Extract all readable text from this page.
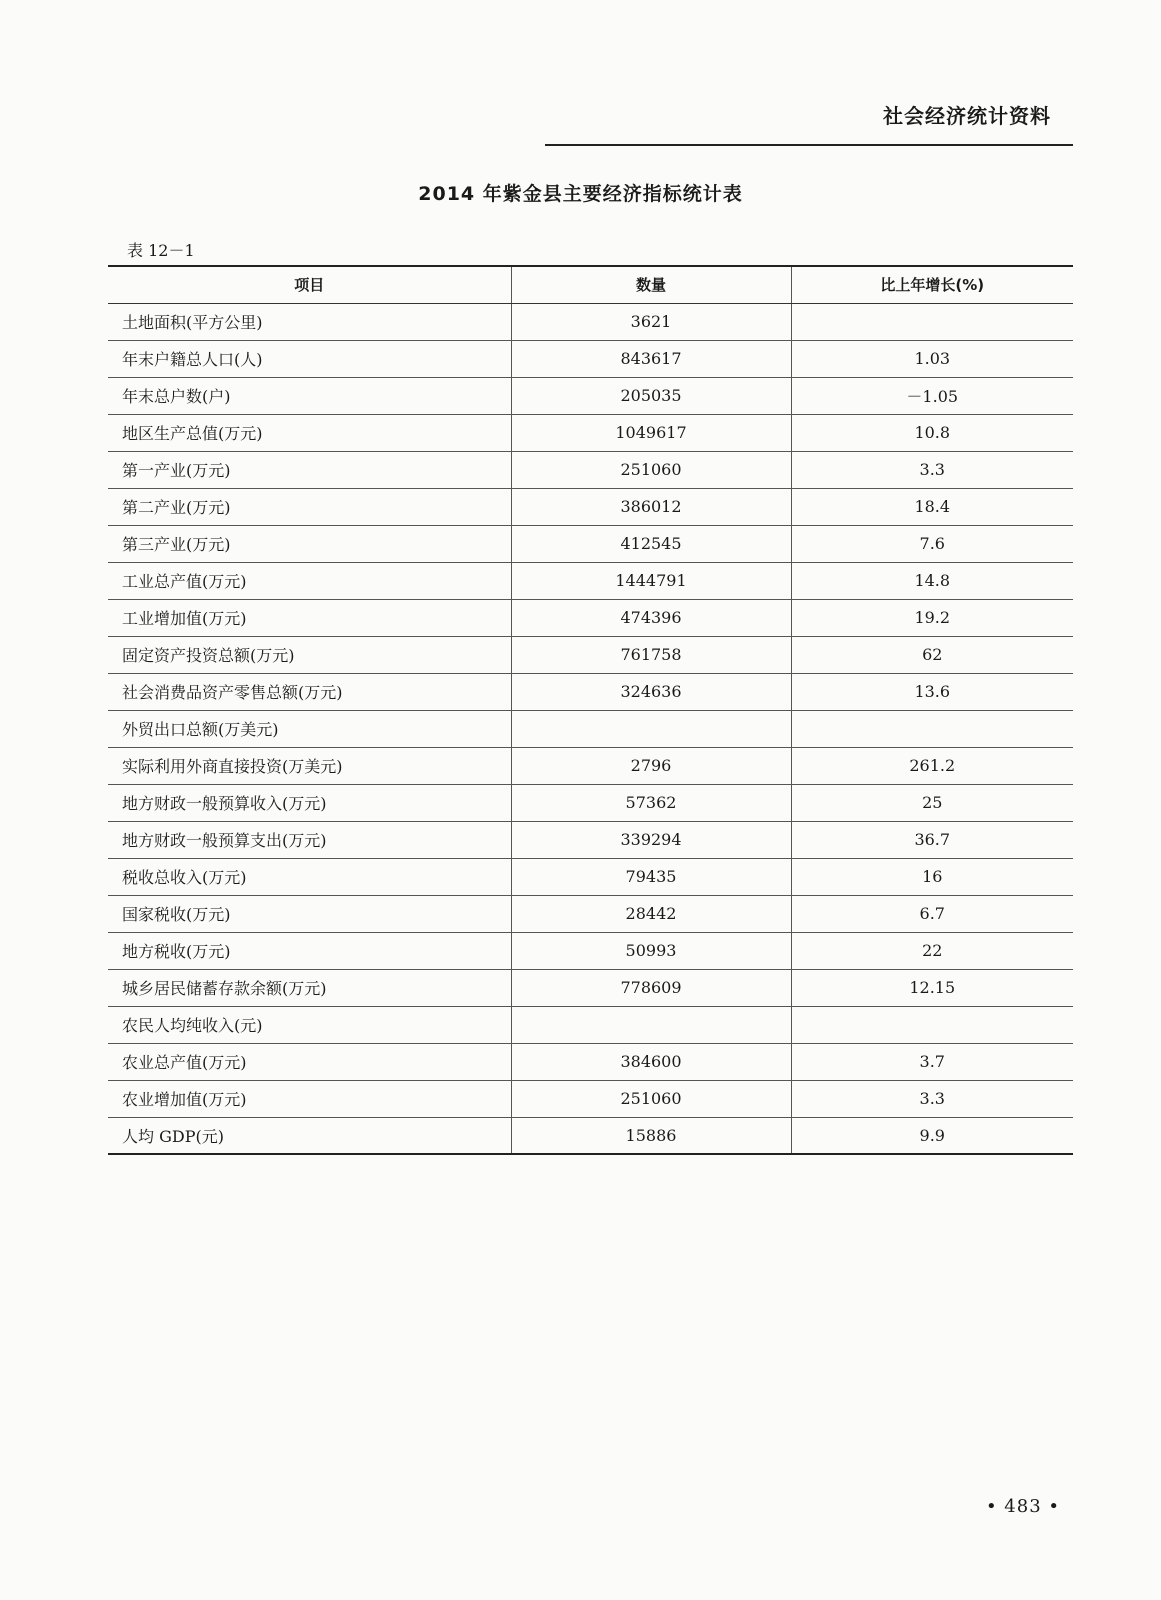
社会经济统计资料
2014 年紫金县主要经济指标统计表
表 12－1
项目	数量	比上年增长(%)
土地面积(平方公里)	3621	
年末户籍总人口(人)	843617	1.03
年末总户数(户)	205035	－1.05
地区生产总值(万元)	1049617	10.8
第一产业(万元)	251060	3.3
第二产业(万元)	386012	18.4
第三产业(万元)	412545	7.6
工业总产值(万元)	1444791	14.8
工业增加值(万元)	474396	19.2
固定资产投资总额(万元)	761758	62
社会消费品资产零售总额(万元)	324636	13.6
外贸出口总额(万美元)		
实际利用外商直接投资(万美元)	2796	261.2
地方财政一般预算收入(万元)	57362	25
地方财政一般预算支出(万元)	339294	36.7
税收总收入(万元)	79435	16
国家税收(万元)	28442	6.7
地方税收(万元)	50993	22
城乡居民储蓄存款余额(万元)	778609	12.15
农民人均纯收入(元)		
农业总产值(万元)	384600	3.7
农业增加值(万元)	251060	3.3
人均 GDP(元)	15886	9.9
• 483 •
